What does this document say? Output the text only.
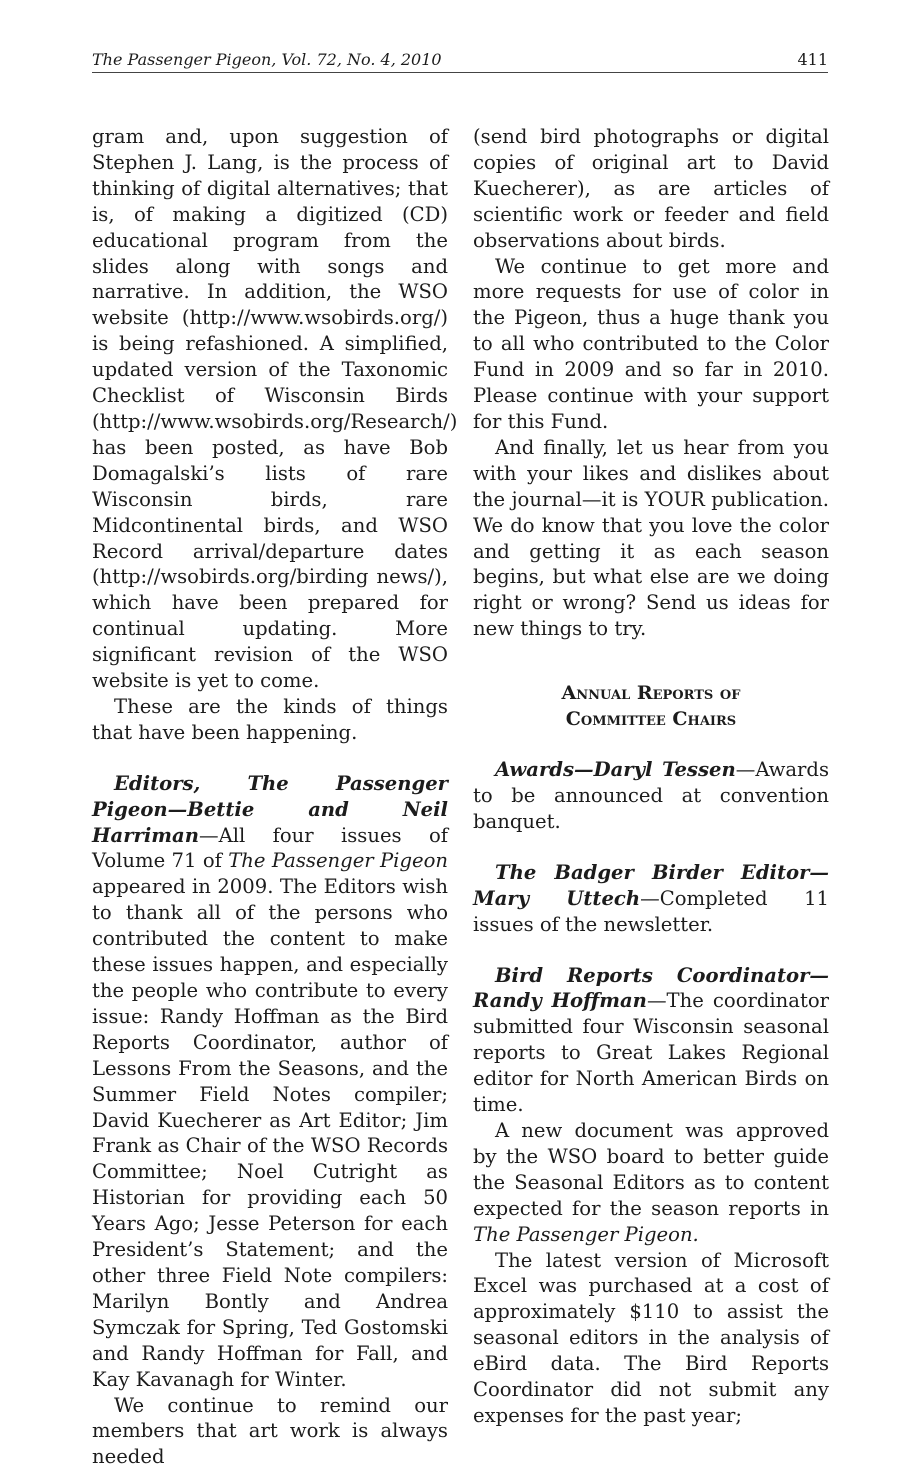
The Passenger Pigeon, Vol. 72, No. 4, 2010	411

gram and, upon suggestion of Stephen J. Lang, is the process of thinking of digital alternatives; that is, of making a digitized (CD) educational program from the slides along with songs and narrative. In addition, the WSO website (http://www.wsobirds.org/) is being refashioned. A simplified, updated version of the Taxonomic Checklist of Wisconsin Birds (http://www.wsobirds.org/Research/) has been posted, as have Bob Domagalski’s lists of rare Wisconsin birds, rare Midcontinental birds, and WSO Record arrival/departure dates (http://wsobirds.org/birding news/), which have been prepared for continual updating. More significant revision of the WSO website is yet to come.

These are the kinds of things that have been happening.

Editors, The Passenger Pigeon—Bettie and Neil Harriman—All four issues of Volume 71 of The Passenger Pigeon appeared in 2009. The Editors wish to thank all of the persons who contributed the content to make these issues happen, and especially the people who contribute to every issue: Randy Hoffman as the Bird Reports Coordinator, author of Lessons From the Seasons, and the Summer Field Notes compiler; David Kuecherer as Art Editor; Jim Frank as Chair of the WSO Records Committee; Noel Cutright as Historian for providing each 50 Years Ago; Jesse Peterson for each President’s Statement; and the other three Field Note compilers: Marilyn Bontly and Andrea Symczak for Spring, Ted Gostomski and Randy Hoffman for Fall, and Kay Kavanagh for Winter.

We continue to remind our members that art work is always needed

(send bird photographs or digital copies of original art to David Kuecherer), as are articles of scientific work or feeder and field observations about birds.

We continue to get more and more requests for use of color in the Pigeon, thus a huge thank you to all who contributed to the Color Fund in 2009 and so far in 2010. Please continue with your support for this Fund.

And finally, let us hear from you with your likes and dislikes about the journal—it is YOUR publication. We do know that you love the color and getting it as each season begins, but what else are we doing right or wrong? Send us ideas for new things to try.

Annual Reports of
Committee Chairs

Awards—Daryl Tessen—Awards to be announced at convention banquet.

The Badger Birder Editor—Mary Uttech—Completed 11 issues of the newsletter.

Bird Reports Coordinator—Randy Hoffman—The coordinator submitted four Wisconsin seasonal reports to Great Lakes Regional editor for North American Birds on time.

A new document was approved by the WSO board to better guide the Seasonal Editors as to content expected for the season reports in The Passenger Pigeon.

The latest version of Microsoft Excel was purchased at a cost of approximately $110 to assist the seasonal editors in the analysis of eBird data. The Bird Reports Coordinator did not submit any expenses for the past year;
